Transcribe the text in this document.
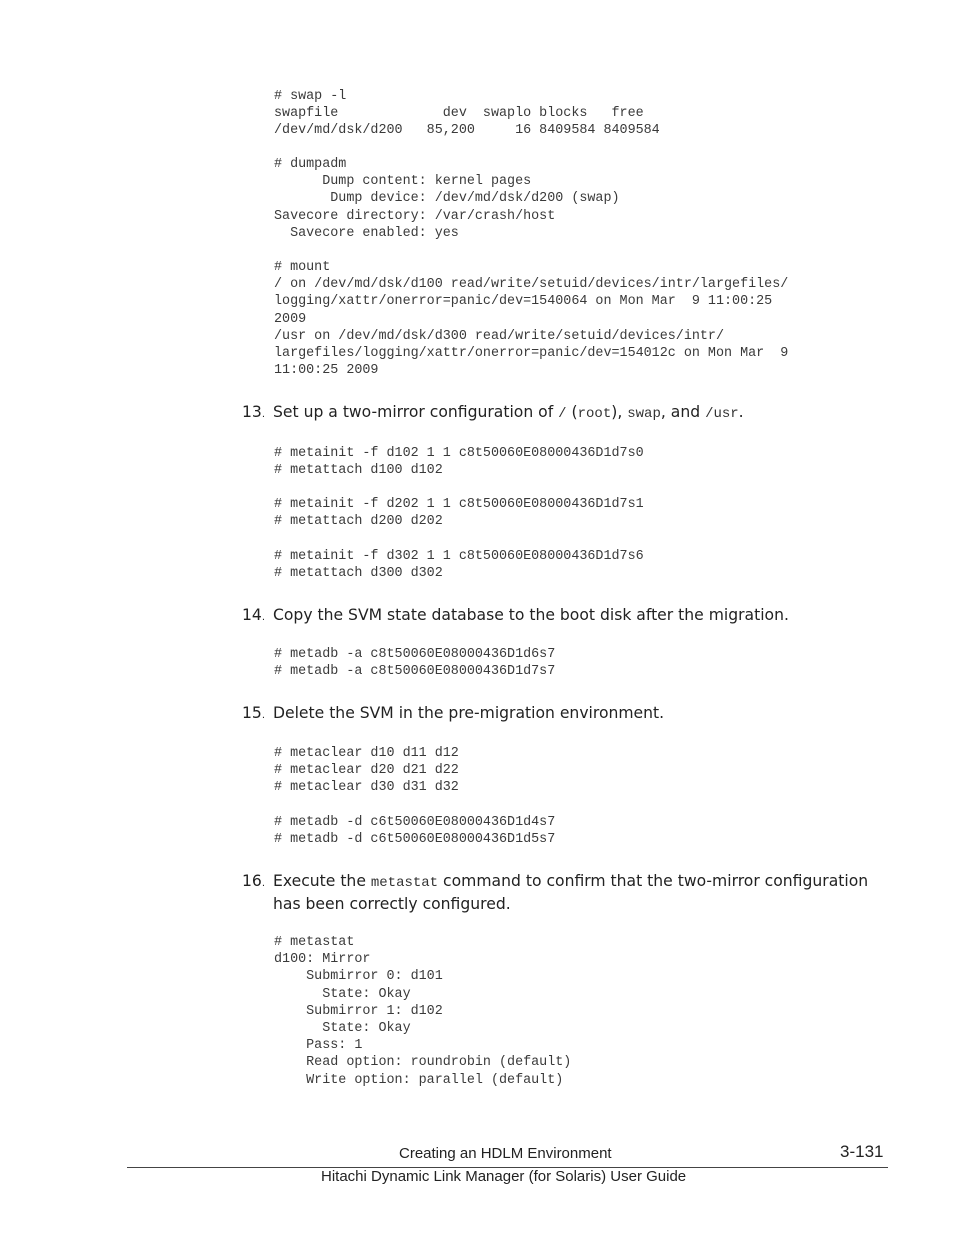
# swap -l
swapfile             dev  swaplo blocks   free
/dev/md/dsk/d200   85,200     16 8409584 8409584
# dumpadm
Dump content: kernel pages
Dump device: /dev/md/dsk/d200 (swap)
Savecore directory: /var/crash/host
Savecore enabled: yes
# mount
/ on /dev/md/dsk/d100 read/write/setuid/devices/intr/largefiles/
logging/xattr/onerror=panic/dev=1540064 on Mon Mar  9 11:00:25
2009
/usr on /dev/md/dsk/d300 read/write/setuid/devices/intr/
largefiles/logging/xattr/onerror=panic/dev=154012c on Mon Mar  9
11:00:25 2009
13. Set up a two-mirror configuration of / (root), swap, and /usr.
# metainit -f d102 1 1 c8t50060E08000436D1d7s0
# metattach d100 d102
# metainit -f d202 1 1 c8t50060E08000436D1d7s1
# metattach d200 d202
# metainit -f d302 1 1 c8t50060E08000436D1d7s6
# metattach d300 d302
14. Copy the SVM state database to the boot disk after the migration.
# metadb -a c8t50060E08000436D1d6s7
# metadb -a c8t50060E08000436D1d7s7
15. Delete the SVM in the pre-migration environment.
# metaclear d10 d11 d12
# metaclear d20 d21 d22
# metaclear d30 d31 d32
# metadb -d c6t50060E08000436D1d4s7
# metadb -d c6t50060E08000436D1d5s7
16. Execute the metastat command to confirm that the two-mirror configuration has been correctly configured.
# metastat
d100: Mirror
Submirror 0: d101
State: Okay
Submirror 1: d102
State: Okay
Pass: 1
Read option: roundrobin (default)
Write option: parallel (default)
Creating an HDLM Environment	3-131
Hitachi Dynamic Link Manager (for Solaris) User Guide
